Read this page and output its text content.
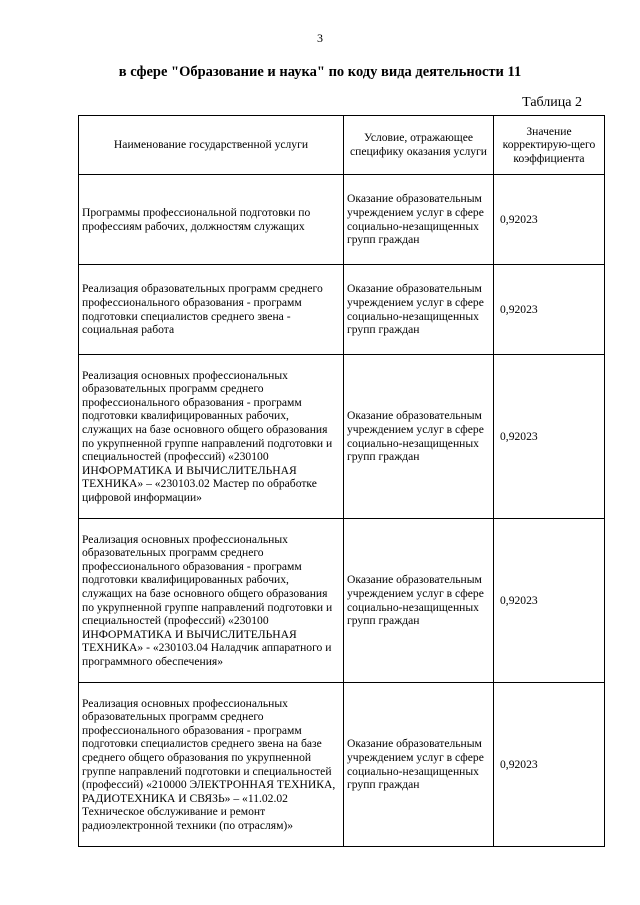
3
в сфере "Образование и наука" по коду вида деятельности 11
Таблица 2
Наименование государственной услуги	Условие, отражающее специфику оказания услуги	Значение корректирую-щего коэффициента
Программы профессиональной подготовки по профессиям рабочих, должностям служащих	Оказание образовательным учреждением услуг в сфере социально-незащищенных групп граждан	0,92023
Реализация образовательных программ среднего профессионального образования - программ подготовки специалистов среднего звена - социальная работа	Оказание образовательным учреждением услуг в сфере социально-незащищенных групп граждан	0,92023
Реализация основных профессиональных образовательных программ среднего профессионального образования - программ подготовки квалифицированных рабочих, служащих на базе основного общего образования по укрупненной группе направлений подготовки и специальностей (профессий) «230100 ИНФОРМАТИКА И ВЫЧИСЛИТЕЛЬНАЯ ТЕХНИКА» – «230103.02 Мастер по обработке цифровой информации»	Оказание образовательным учреждением услуг в сфере социально-незащищенных групп граждан	0,92023
Реализация основных профессиональных образовательных программ среднего профессионального образования - программ подготовки квалифицированных рабочих, служащих на базе основного общего образования по укрупненной группе направлений подготовки и специальностей (профессий) «230100 ИНФОРМАТИКА И ВЫЧИСЛИТЕЛЬНАЯ ТЕХНИКА» - «230103.04 Наладчик аппаратного и программного обеспечения»	Оказание образовательным учреждением услуг в сфере социально-незащищенных групп граждан	0,92023
Реализация основных профессиональных образовательных программ среднего профессионального образования - программ подготовки специалистов среднего звена на базе среднего общего образования по укрупненной группе направлений подготовки и специальностей (профессий) «210000 ЭЛЕКТРОННАЯ ТЕХНИКА, РАДИОТЕХНИКА И СВЯЗЬ» – «11.02.02 Техническое обслуживание и ремонт радиоэлектронной техники (по отраслям)»	Оказание образовательным учреждением услуг в сфере социально-незащищенных групп граждан	0,92023
